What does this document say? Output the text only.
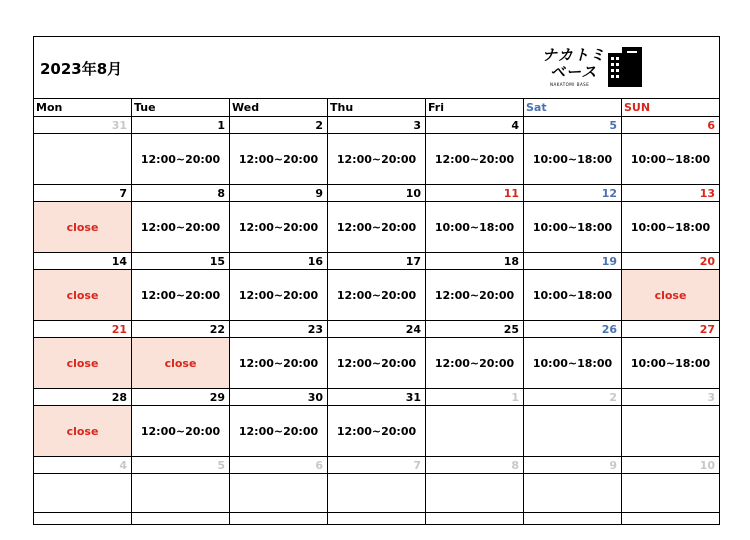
2023年8月
ナカトミ
ベース
NAKATOMI BASE
Mon	Tue	Wed	Thu	Fri	Sat	SUN
31	1	2	3	4	5	6
	12:00~20:00	12:00~20:00	12:00~20:00	12:00~20:00	10:00~18:00	10:00~18:00
7	8	9	10	11	12	13
close	12:00~20:00	12:00~20:00	12:00~20:00	10:00~18:00	10:00~18:00	10:00~18:00
14	15	16	17	18	19	20
close	12:00~20:00	12:00~20:00	12:00~20:00	12:00~20:00	10:00~18:00	close
21	22	23	24	25	26	27
close	close	12:00~20:00	12:00~20:00	12:00~20:00	10:00~18:00	10:00~18:00
28	29	30	31	1	2	3
close	12:00~20:00	12:00~20:00	12:00~20:00			
4	5	6	7	8	9	10
